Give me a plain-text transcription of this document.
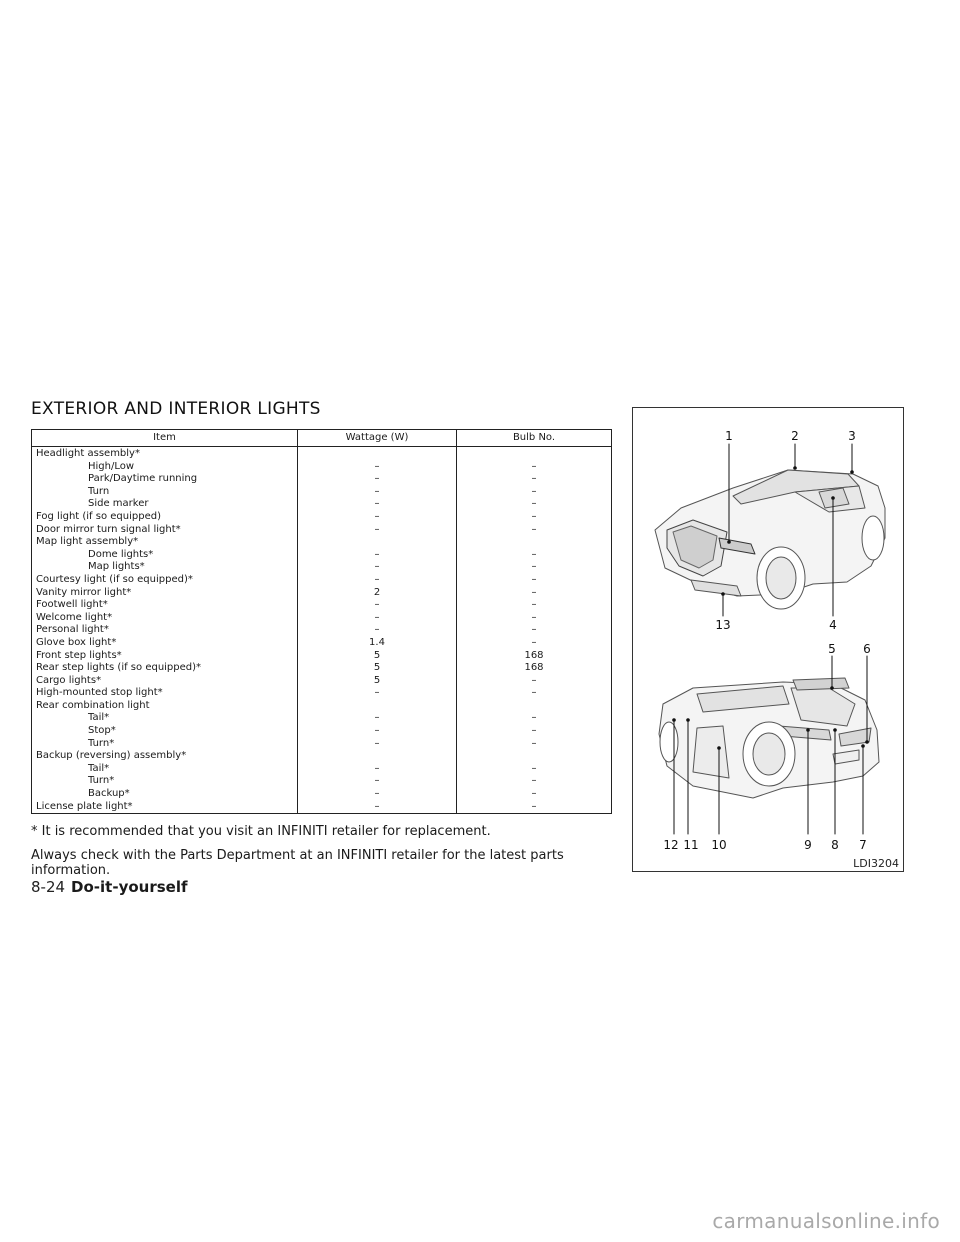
EXTERIOR AND INTERIOR LIGHTS
Item	Wattage (W)	Bulb No.
Headlight assembly*		
High/Low	–	–
Park/Daytime running	–	–
Turn	–	–
Side marker	–	–
Fog light (if so equipped)	–	–
Door mirror turn signal light*	–	–
Map light assembly*		
Dome lights*	–	–
Map lights*	–	–
Courtesy light (if so equipped)*	–	–
Vanity mirror light*	2	–
Footwell light*	–	–
Welcome light*	–	–
Personal light*	–	–
Glove box light*	1.4	–
Front step lights*	5	168
Rear step lights (if so equipped)*	5	168
Cargo lights*	5	–
High-mounted stop light*	–	–
Rear combination light		
Tail*	–	–
Stop*	–	–
Turn*	–	–
Backup (reversing) assembly*		
Tail*	–	–
Turn*	–	–
Backup*	–	–
License plate light*	–	–
* It is recommended that you visit an INFINITI retailer for replacement.
Always check with the Parts Department at an INFINITI retailer for the latest parts information.
1	2	3
4
13
5 6
7
8
9
10
11
12
LDI3204
8-24 Do-it-yourself
carmanualsonline.info
